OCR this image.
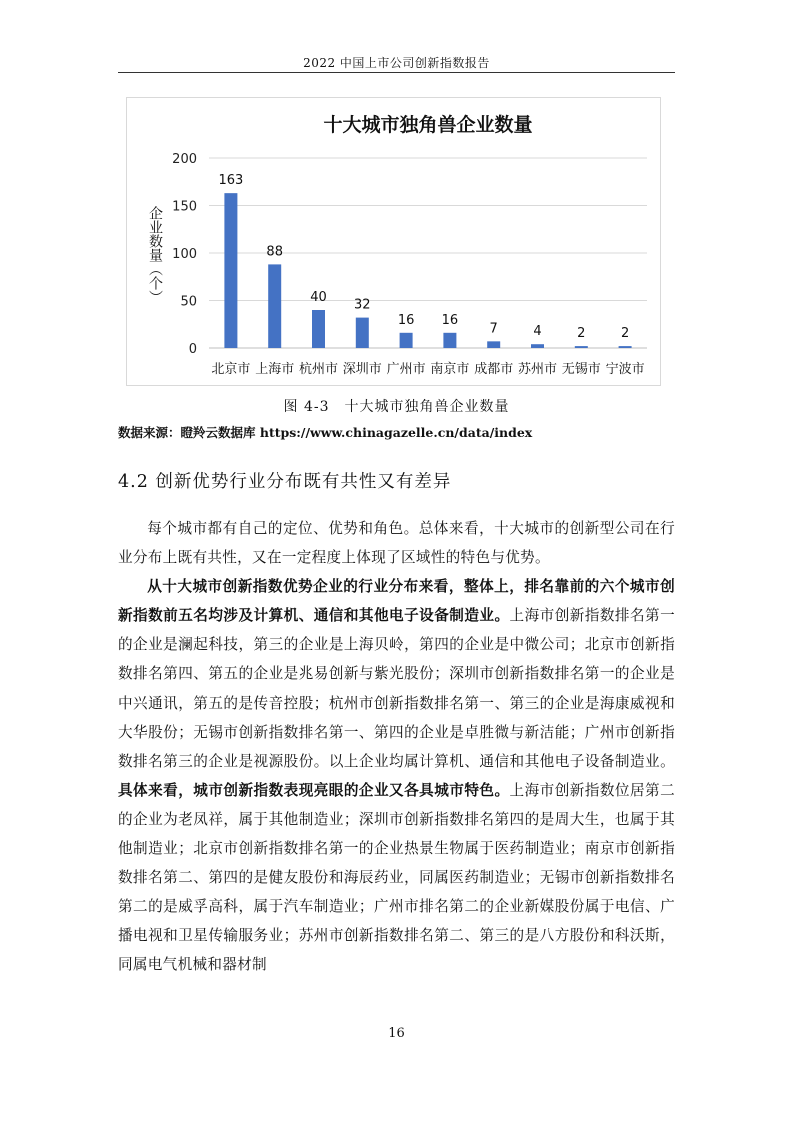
2022 中国上市公司创新指数报告
十大城市独角兽企业数量
0
50
100
150
200
企业数量（个）
163
北京市
88
上海市
40
杭州市
32
深圳市
16
广州市
16
南京市
7
成都市
4
苏州市
2
无锡市
2
宁波市
图 4-3　十大城市独角兽企业数量
数据来源：瞪羚云数据库 https://www.chinagazelle.cn/data/index
4.2 创新优势行业分布既有共性又有差异

每个城市都有自己的定位、优势和角色。总体来看，十大城市的创新型公司在行业分布上既有共性，又在一定程度上体现了区域性的特色与优势。

从十大城市创新指数优势企业的行业分布来看，整体上，排名靠前的六个城市创新指数前五名均涉及计算机、通信和其他电子设备制造业。上海市创新指数排名第一的企业是澜起科技，第三的企业是上海贝岭，第四的企业是中微公司；北京市创新指数排名第四、第五的企业是兆易创新与紫光股份；深圳市创新指数排名第一的企业是中兴通讯，第五的是传音控股；杭州市创新指数排名第一、第三的企业是海康威视和大华股份；无锡市创新指数排名第一、第四的企业是卓胜微与新洁能；广州市创新指数排名第三的企业是视源股份。以上企业均属计算机、通信和其他电子设备制造业。具体来看，城市创新指数表现亮眼的企业又各具城市特色。上海市创新指数位居第二的企业为老凤祥，属于其他制造业；深圳市创新指数排名第四的是周大生，也属于其他制造业；北京市创新指数排名第一的企业热景生物属于医药制造业；南京市创新指数排名第二、第四的是健友股份和海辰药业，同属医药制造业；无锡市创新指数排名第二的是威孚高科，属于汽车制造业；广州市排名第二的企业新媒股份属于电信、广播电视和卫星传输服务业；苏州市创新指数排名第二、第三的是八方股份和科沃斯，同属电气机械和器材制

16
